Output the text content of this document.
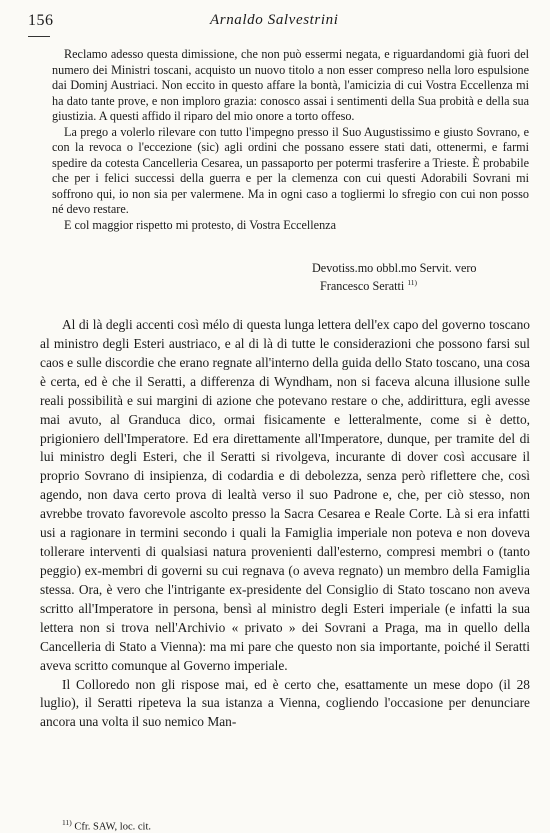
156	Arnaldo Salvestrini

Reclamo adesso questa dimissione, che non può essermi negata, e riguardandomi già fuori del numero dei Ministri toscani, acquisto un nuovo titolo a non esser compreso nella loro espulsione dai Dominj Austriaci. Non eccito in questo affare la bontà, l'amicizia di cui Vostra Eccellenza mi ha dato tante prove, e non imploro grazia: conosco assai i sentimenti della Sua probità e della sua giustizia. A questi affido il riparo del mio onore a torto offeso.

La prego a volerlo rilevare con tutto l'impegno presso il Suo Augustissimo e giusto Sovrano, e con la revoca o l'eccezione (sic) agli ordini che possano essere stati dati, ottenermi, e farmi spedire da cotesta Cancelleria Cesarea, un passaporto per potermi trasferire a Trieste. È probabile che per i felici successi della guerra e per la clemenza con cui questi Adorabili Sovrani mi soffrono qui, io non sia per valermene. Ma in ogni caso a togliermi lo sfregio con cui non posso né devo restare.

E col maggior rispetto mi protesto, di Vostra Eccellenza

Devotiss.mo obbl.mo Servit. vero
Francesco Seratti $^{11)}$

Al di là degli accenti così mélo di questa lunga lettera dell'ex capo del governo toscano al ministro degli Esteri austriaco, e al di là di tutte le considerazioni che possono farsi sul caos e sulle discordie che erano regnate all'interno della guida dello Stato toscano, una cosa è certa, ed è che il Seratti, a differenza di Wyndham, non si faceva alcuna illusione sulle reali possibilità e sui margini di azione che potevano restare o che, addirittura, egli avesse mai avuto, al Granduca dico, ormai fisicamente e letteralmente, come si è detto, prigioniero dell'Imperatore. Ed era direttamente all'Imperatore, dunque, per tramite del di lui ministro degli Esteri, che il Seratti si rivolgeva, incurante di dover così accusare il proprio Sovrano di insipienza, di codardia e di debolezza, senza però riflettere che, così agendo, non dava certo prova di lealtà verso il suo Padrone e, che, per ciò stesso, non avrebbe trovato favorevole ascolto presso la Sacra Cesarea e Reale Corte. Là si era infatti usi a ragionare in termini secondo i quali la Famiglia imperiale non poteva e non doveva tollerare interventi di qualsiasi natura provenienti dall'esterno, compresi membri o (tanto peggio) ex-membri di governi su cui regnava (o aveva regnato) un membro della Famiglia stessa. Ora, è vero che l'intrigante ex-presidente del Consiglio di Stato toscano non aveva scritto all'Imperatore in persona, bensì al ministro degli Esteri imperiale (e infatti la sua lettera non si trova nell'Archivio « privato » dei Sovrani a Praga, ma in quello della Cancelleria di Stato a Vienna): ma mi pare che questo non sia importante, poiché il Seratti aveva scritto comunque al Governo imperiale.

Il Colloredo non gli rispose mai, ed è certo che, esattamente un mese dopo (il 28 luglio), il Seratti ripeteva la sua istanza a Vienna, cogliendo l'occasione per denunciare ancora una volta il suo nemico Man-

$^{11)}$ Cfr. SAW, loc. cit.
